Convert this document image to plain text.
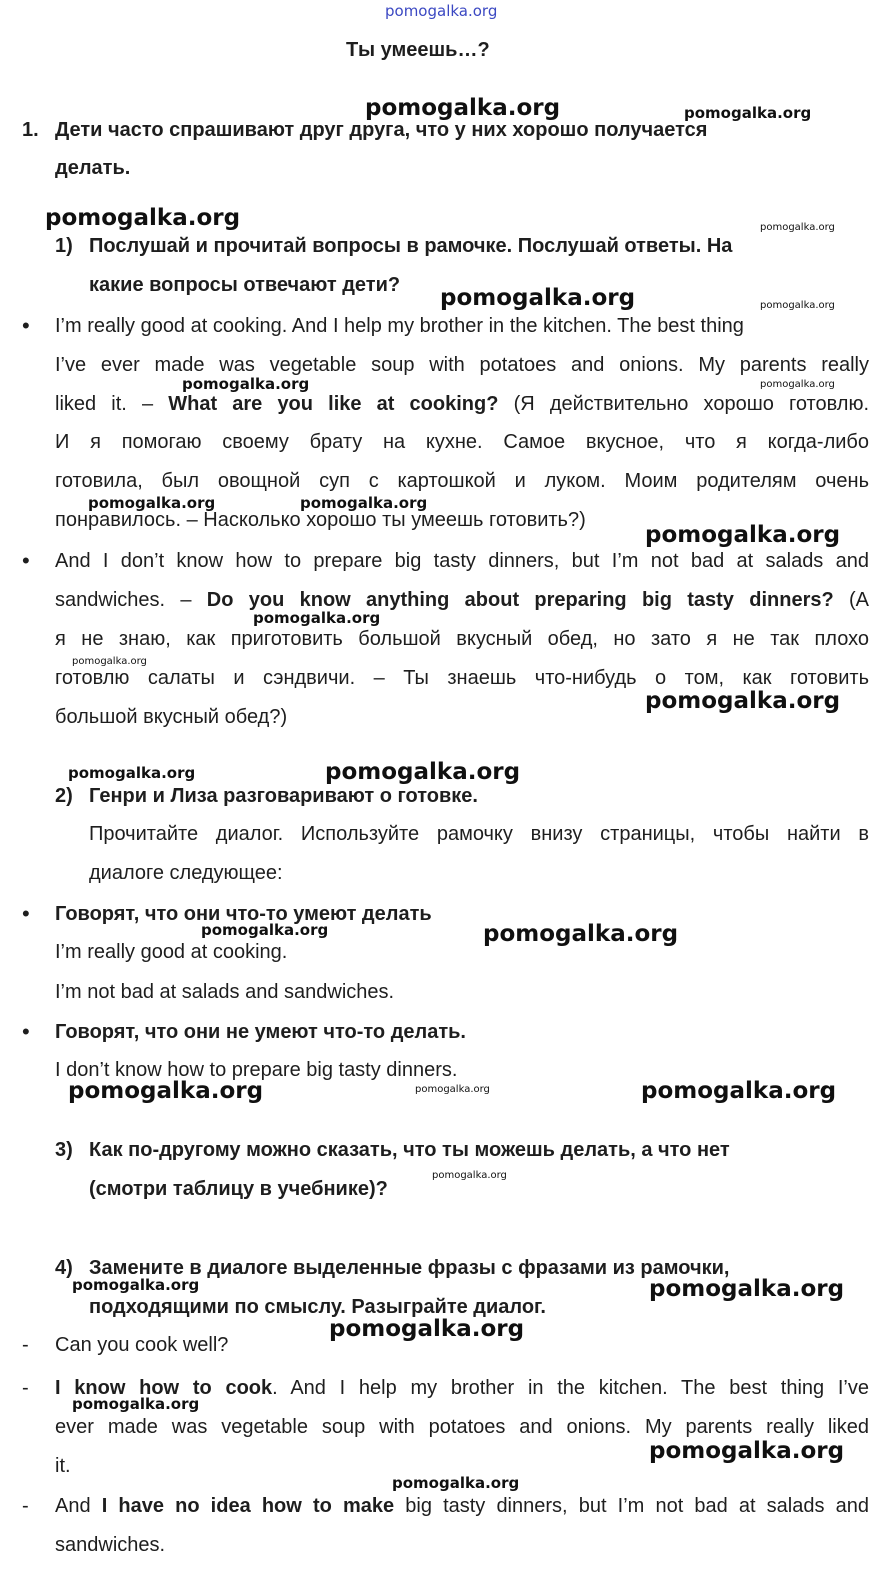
pomogalka.org
Ты умеешь…?
1. Дети часто спрашивают друг друга, что у них хорошо получается
делать.
1) Послушай и прочитай вопросы в рамочке. Послушай ответы. На
какие вопросы отвечают дети?
• I’m really good at cooking. And I help my brother in the kitchen. The best thing
I’ve ever made was vegetable soup with potatoes and onions. My parents really
liked it. – What are you like at cooking? (Я действительно хорошо готовлю.
И я помогаю своему брату на кухне. Самое вкусное, что я когда-либо
готовила, был овощной суп с картошкой и луком. Моим родителям очень
понравилось. – Насколько хорошо ты умеешь готовить?)
• And I don’t know how to prepare big tasty dinners, but I’m not bad at salads and
sandwiches. – Do you know anything about preparing big tasty dinners? (А
я не знаю, как приготовить большой вкусный обед, но зато я не так плохо
готовлю салаты и сэндвичи. – Ты знаешь что-нибудь о том, как готовить
большой вкусный обед?)
2) Генри и Лиза разговаривают о готовке.
Прочитайте диалог. Используйте рамочку внизу страницы, чтобы найти в
диалоге следующее:
• Говорят, что они что-то умеют делать
I’m really good at cooking.
I’m not bad at salads and sandwiches.
• Говорят, что они не умеют что-то делать.
I don’t know how to prepare big tasty dinners.
3) Как по-другому можно сказать, что ты можешь делать, а что нет
(смотри таблицу в учебнике)?
4) Замените в диалоге выделенные фразы с фразами из рамочки,
подходящими по смыслу. Разыграйте диалог.
- Can you cook well?
- I know how to cook. And I help my brother in the kitchen. The best thing I’ve
ever made was vegetable soup with potatoes and onions. My parents really liked
it.
- And I have no idea how to make big tasty dinners, but I’m not bad at salads and
sandwiches.
pomogalka.org	pomogalka.org
pomogalka.org	pomogalka.org
pomogalka.org	pomogalka.org
pomogalka.org	pomogalka.org
pomogalka.org	pomogalka.org
pomogalka.org
pomogalka.org
pomogalka.org
pomogalka.org
pomogalka.org	pomogalka.org
pomogalka.org	pomogalka.org
pomogalka.org	pomogalka.org	pomogalka.org
pomogalka.org
pomogalka.org	pomogalka.org
pomogalka.org
pomogalka.org
pomogalka.org
pomogalka.org
